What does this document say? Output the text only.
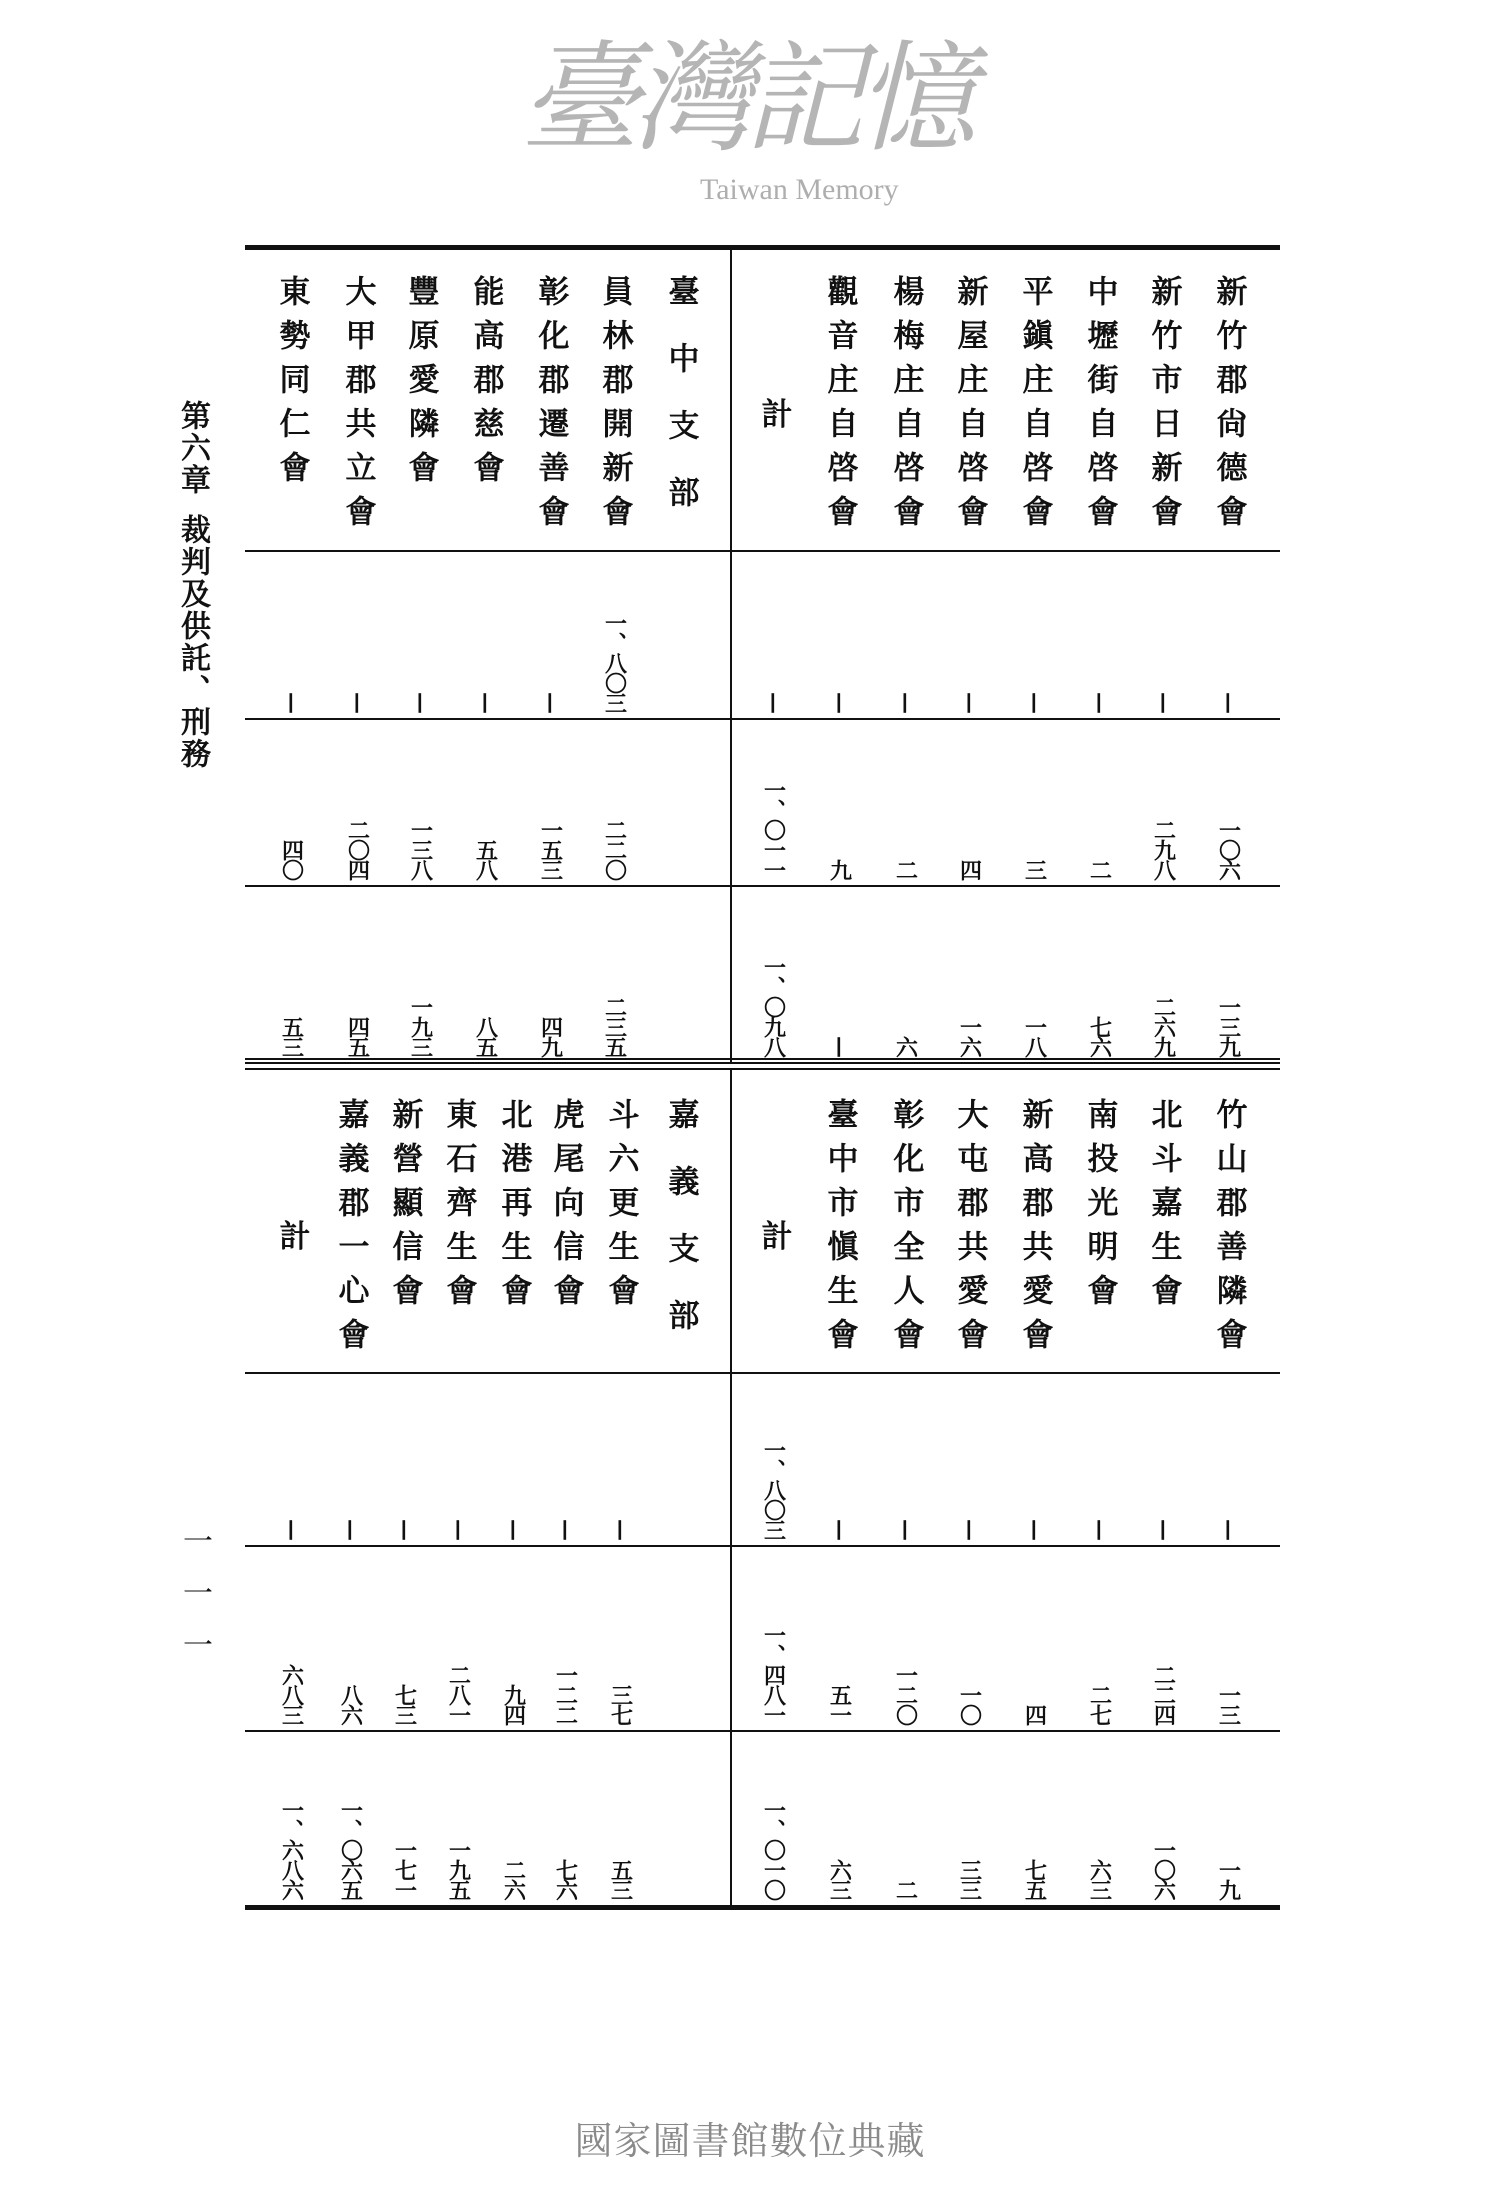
第六章裁判及供託、刑務
一一一
新竹郡尙德會
—
一〇六
一三九
新竹市日新會
—
二九八
二六九
中壢街自啓會
—
二
七六
平鎭庄自啓會
—
三
一八
新屋庄自啓會
—
四
一六
楊梅庄自啓會
—
二
六
觀音庄自啓會
—
九
—
計
—
一、〇一一
一、〇九八
臺中支部
員林郡開新會
一、八〇三
二二〇
二三五
彰化郡遷善會
—
一五三
四九
能高郡慈會
—
五八
八五
豐原愛隣會
—
一三八
一九三
大甲郡共立會
—
二〇四
四五
東勢同仁會
—
四〇
五三
竹山郡善隣會
—
一三
一九
北斗嘉生會
—
二二四
一〇六
南投光明會
—
二七
六三
新高郡共愛會
—
四
七五
大屯郡共愛會
—
一〇
三三
彰化市全人會
—
一二〇
二
臺中市愼生會
—
五一
六三
計
一、八〇三
一、四八一
一、〇一〇
嘉義支部
斗六更生會
—
三七
五三
虎尾向信會
—
一二二
七六
北港再生會
—
九四
二六
東石齊生會
—
二八一
一九五
新營顯信會
—
七三
一七一
嘉義郡一心會
—
八六
一、〇六五
計
—
六八三
一、六八六
臺灣記憶
Taiwan Memory
國家圖書館數位典藏
